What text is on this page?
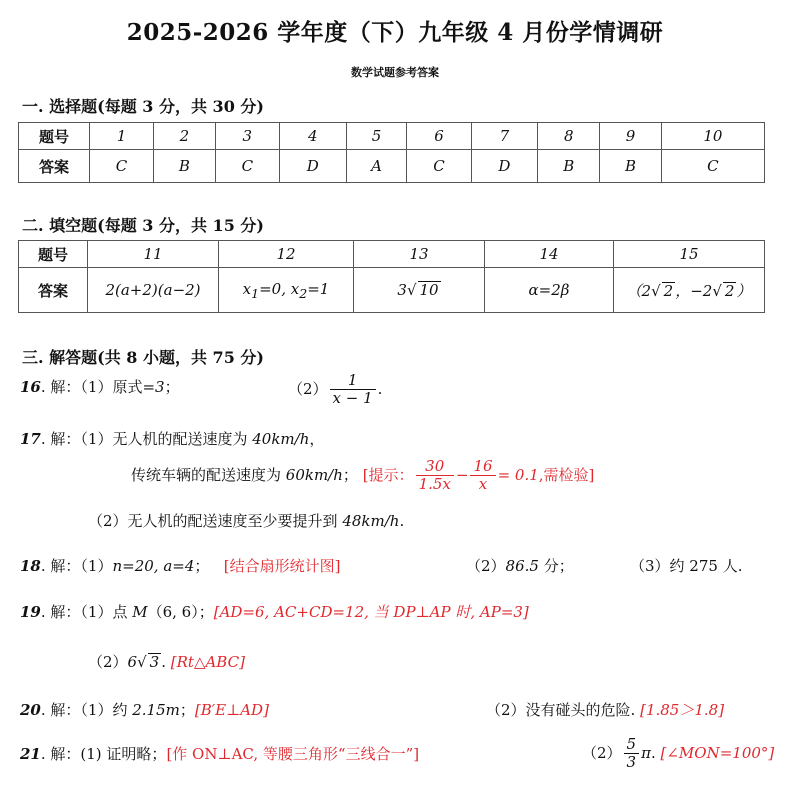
2025-2026 学年度（下）九年级 4 月份学情调研
数学试题参考答案
一. 选择题(每题 3 分，共 30 分)
题号	1	2	3	4	5	6	7	8	9	10
答案	C	B	C	D	A	C	D	B	B	C
二. 填空题(每题 3 分，共 15 分)
题号	11	12	13	14	15
答案	2(a+2)(a−2)	$x_1=0$, $x_2=1$	3√ 10	α=2β	（2√ 2 ，−2√ 2 ）
三. 解答题(共 8 小题，共 75 分)
16. 解：（1）原式=3；	$(2) \frac{1}{x - 1}$ .
17. 解：（1）无人机的配送速度为 40km/h，
传统车辆的配送速度为 60km/h； [提示： $\frac{30}{1.5x} - \frac{16}{x} = 0.1$,需检验]
（2）无人机的配送速度至少要提升到 48km/h.
18. 解：（1）n=20, a=4； [结合扇形统计图]	（2）86.5 分；	（3）约 275 人.
19. 解：（1）点 M（6, 6）；[AD=6, AC+CD=12, 当 DP⊥AP 时, AP=3]
（2）6√ 3 . [Rt△ABC]
20. 解：（1）约 2.15m；[B′E⊥AD]	（2）没有碰头的危险. [1.85＞1.8]
21. 解：(1) 证明略；[作 ON⊥AC, 等腰三角形“三线合一”]	$(2) \frac{5}{3} \pi$. [∠MON=100°]
